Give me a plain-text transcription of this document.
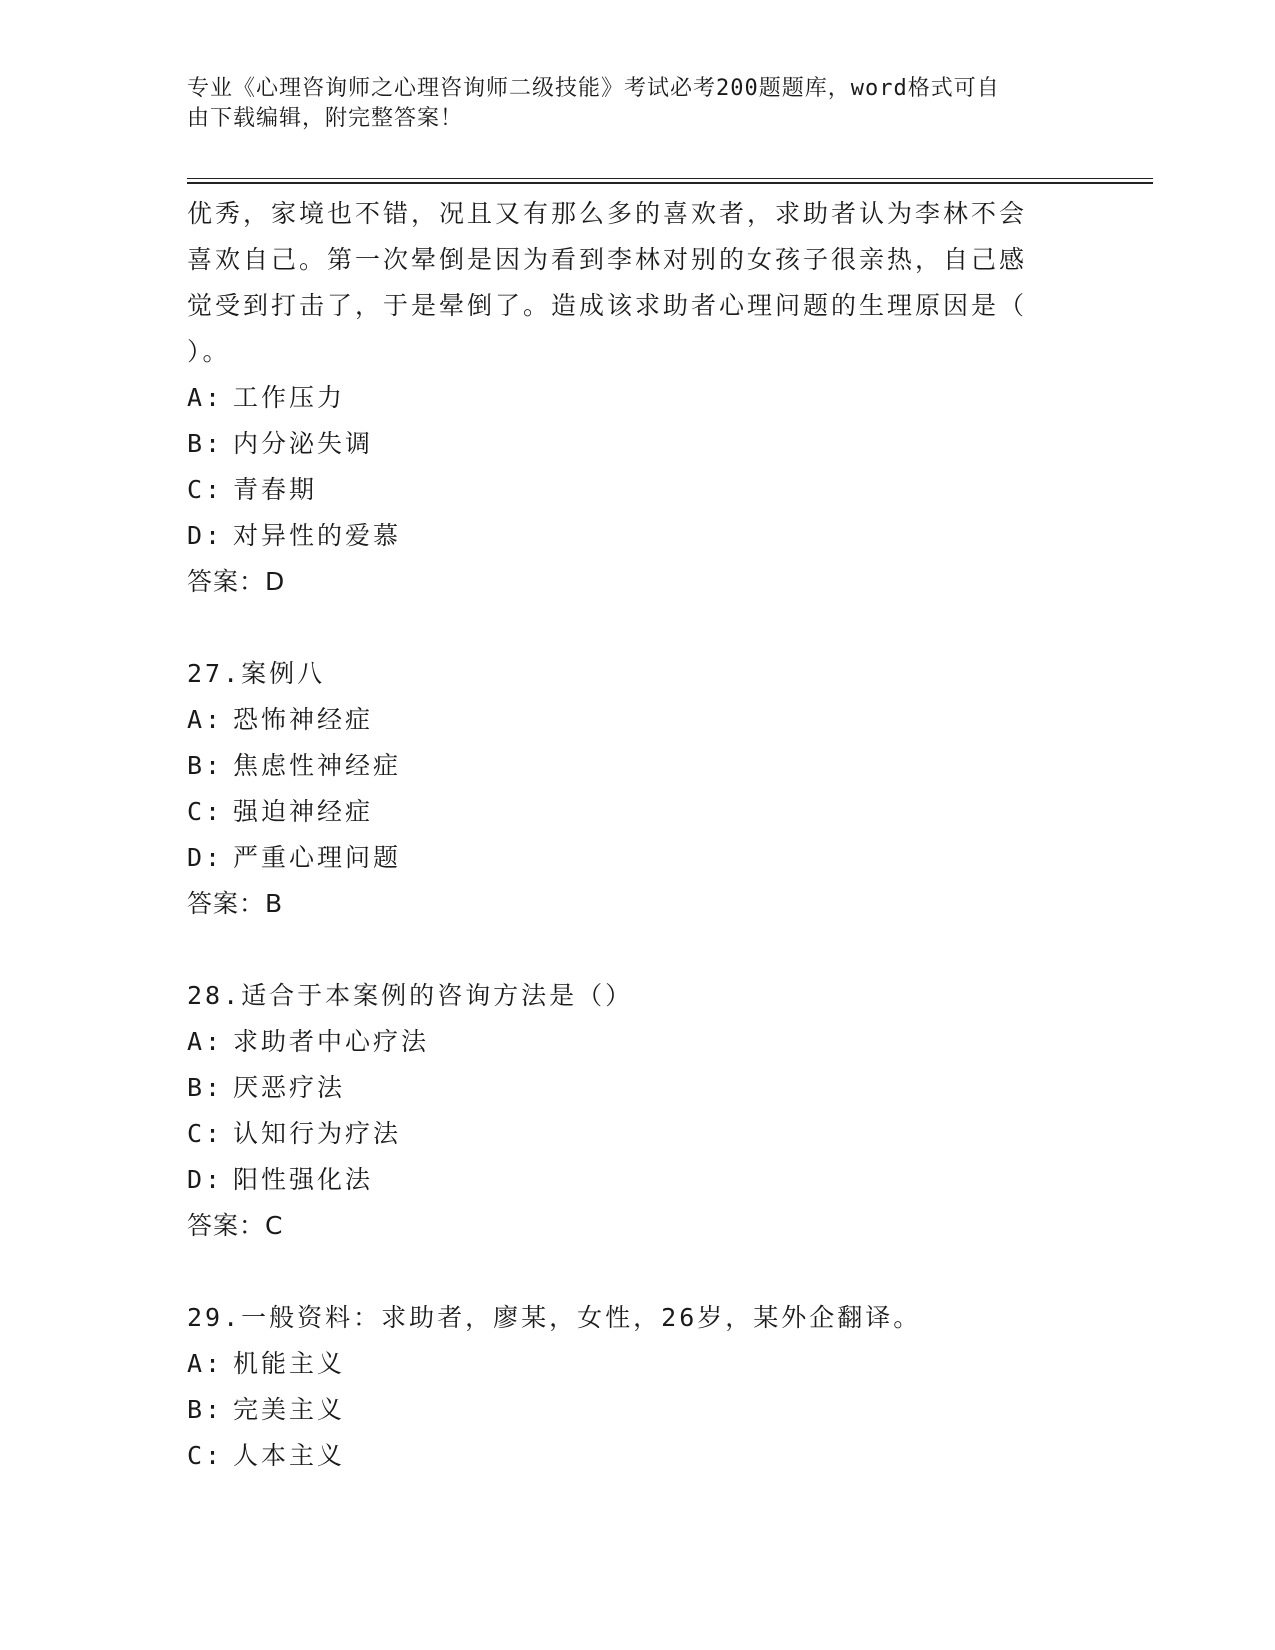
专业《心理咨询师之心理咨询师二级技能》考试必考200题题库，word格式可自
由下载编辑，附完整答案！
优秀，家境也不错，况且又有那么多的喜欢者，求助者认为李林不会
喜欢自己。第一次晕倒是因为看到李林对别的女孩子很亲热，自己感
觉受到打击了，于是晕倒了。造成该求助者心理问题的生理原因是（
）。
A: 工作压力
B: 内分泌失调
C: 青春期
D: 对异性的爱慕
答案：D
27.案例八
A: 恐怖神经症
B: 焦虑性神经症
C: 强迫神经症
D: 严重心理问题
答案：B
28.适合于本案例的咨询方法是（）
A: 求助者中心疗法
B: 厌恶疗法
C: 认知行为疗法
D: 阳性强化法
答案：C
29.一般资料：求助者，廖某，女性，26岁，某外企翻译。
A: 机能主义
B: 完美主义
C: 人本主义
